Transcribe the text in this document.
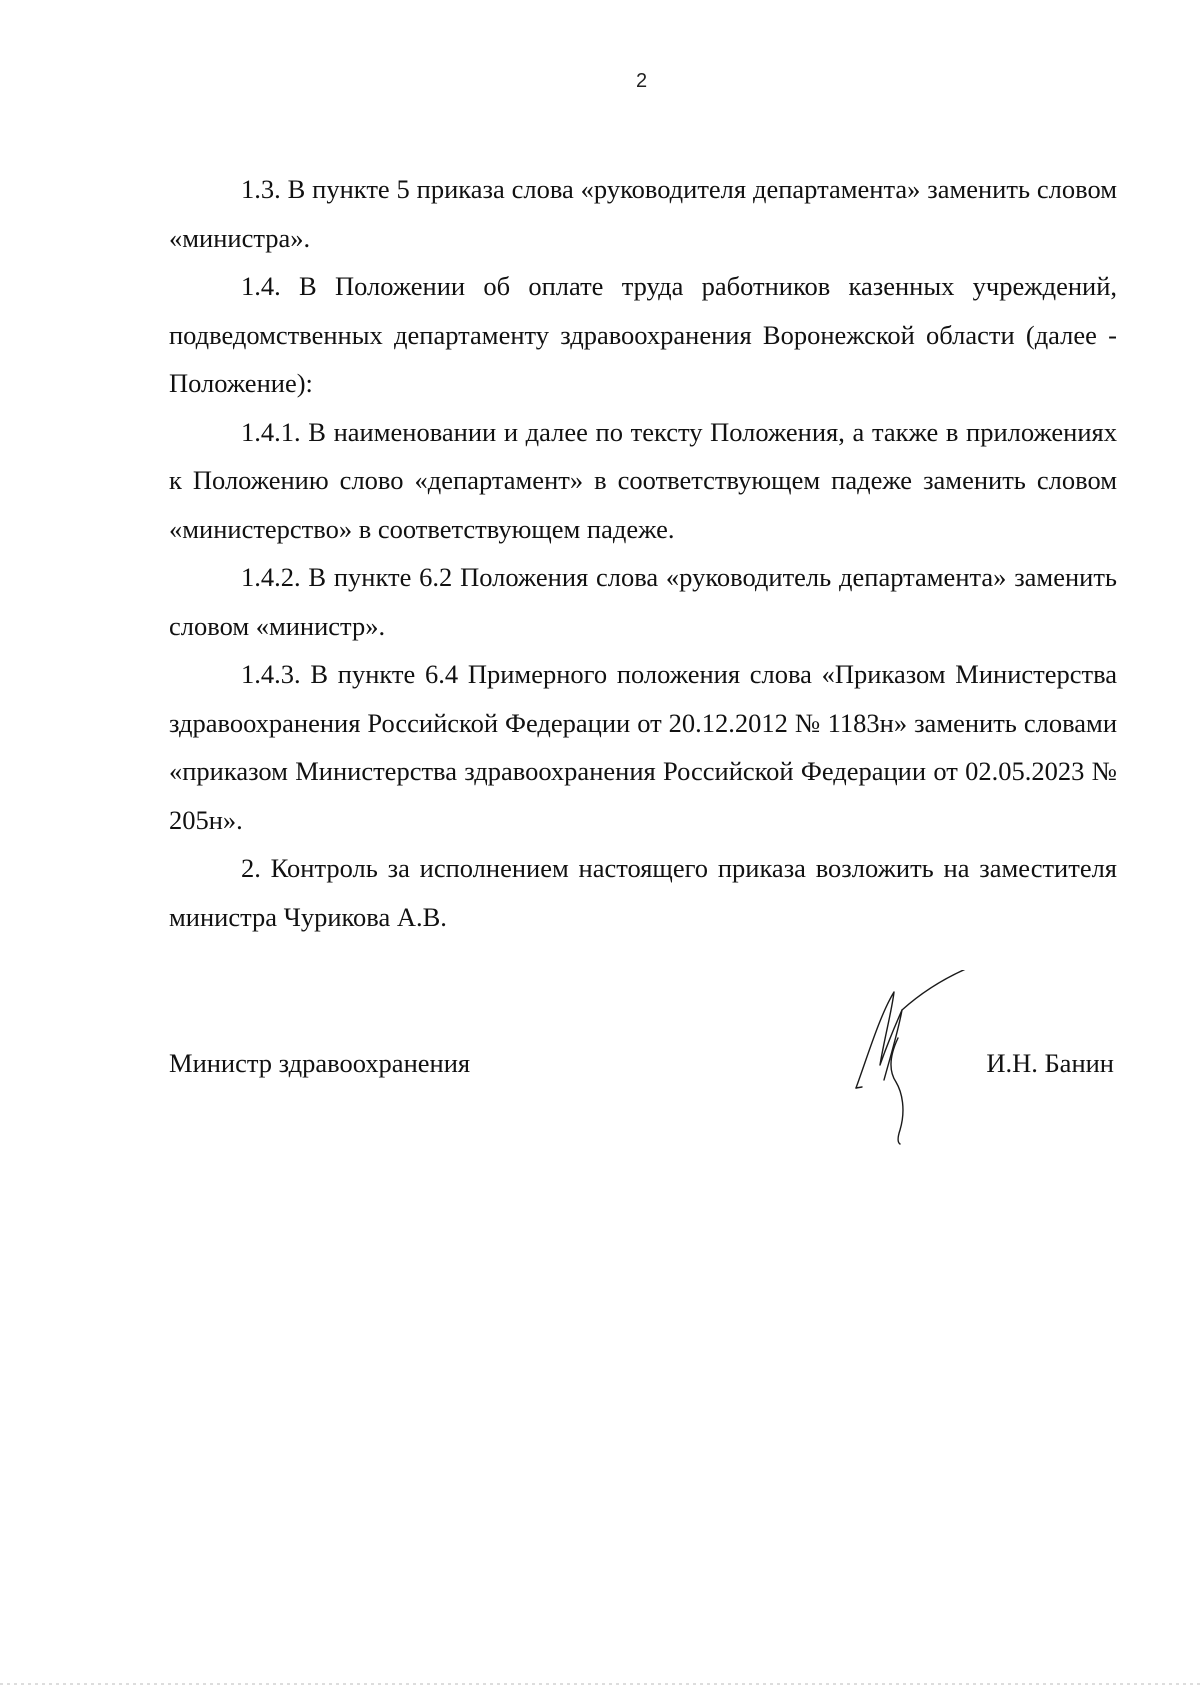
2

1.3. В пункте 5 приказа слова «руководителя департамента» заменить словом «министра».

1.4. В Положении об оплате труда работников казенных учреждений, подведомственных департаменту здравоохранения Воронежской области (далее - Положение):

1.4.1. В наименовании и далее по тексту Положения, а также в приложениях к Положению слово «департамент» в соответствующем падеже заменить словом «министерство» в соответствующем падеже.

1.4.2. В пункте 6.2 Положения слова «руководитель департамента» заменить словом «министр».

1.4.3. В пункте 6.4 Примерного положения слова «Приказом Министерства здравоохранения Российской Федерации от 20.12.2012 № 1183н» заменить словами «приказом Министерства здравоохранения Российской Федерации от 02.05.2023 № 205н».

2. Контроль за исполнением настоящего приказа возложить на заместителя министра Чурикова А.В.

Министр здравоохранения	И.Н. Банин
